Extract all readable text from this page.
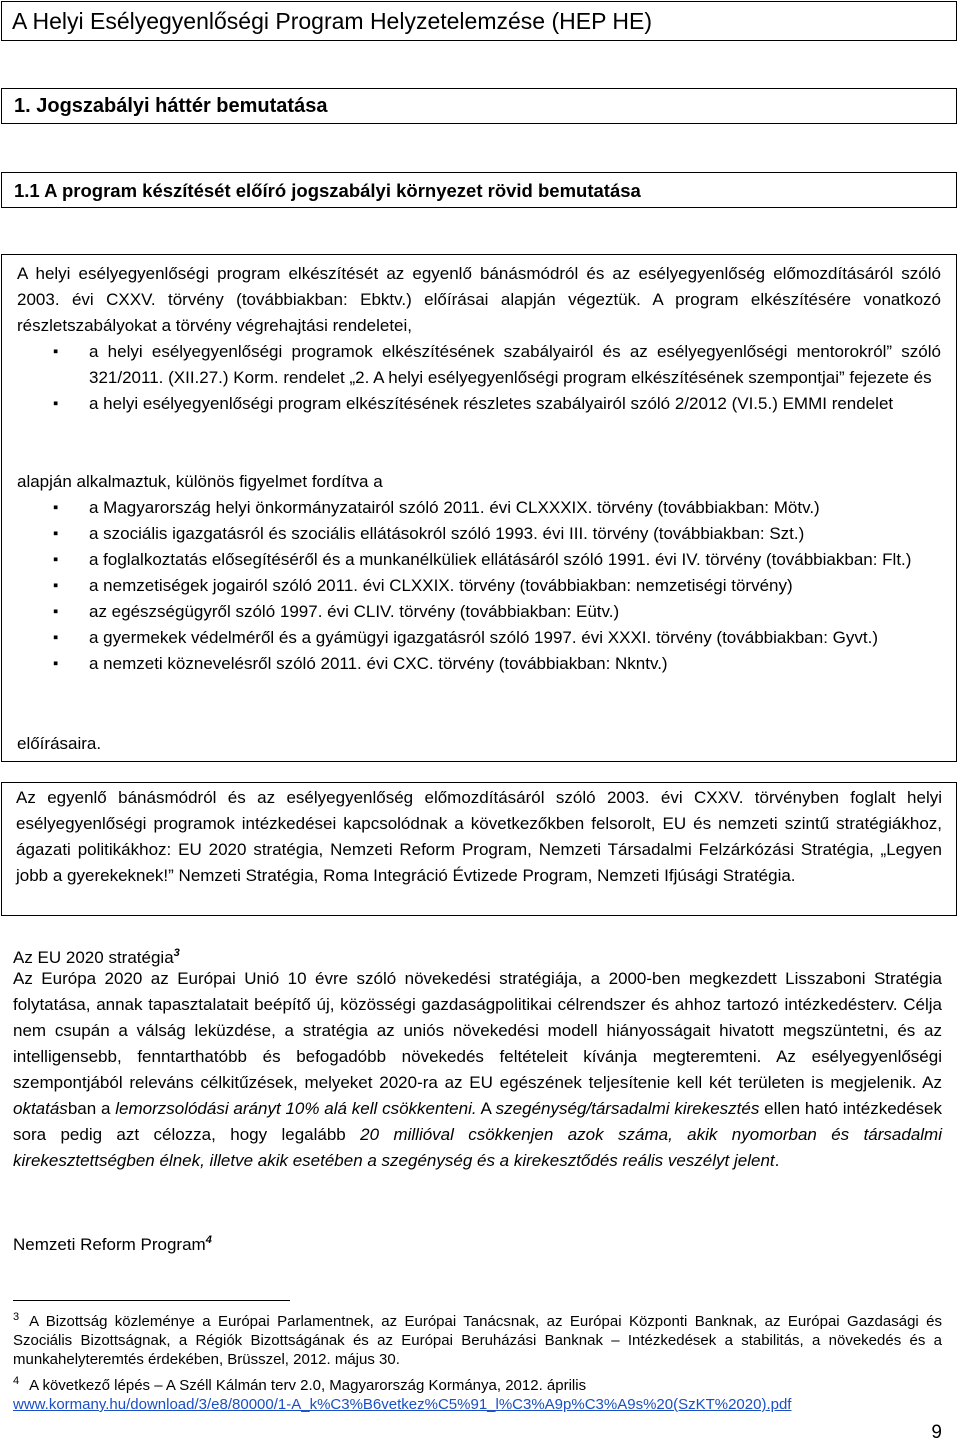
A Helyi Esélyegyenlőségi Program Helyzetelemzése (HEP HE)
1. Jogszabályi háttér bemutatása
1.1 A program készítését előíró jogszabályi környezet rövid bemutatása
A helyi esélyegyenlőségi program elkészítését az egyenlő bánásmódról és az esélyegyenlőség előmozdításáról szóló 2003. évi CXXV. törvény (továbbiakban: Ebktv.) előírásai alapján végeztük. A program elkészítésére vonatkozó részletszabályokat a törvény végrehajtási rendeletei,
▪ a helyi esélyegyenlőségi programok elkészítésének szabályairól és az esélyegyenlőségi mentorokról” szóló 321/2011. (XII.27.) Korm. rendelet „2. A helyi esélyegyenlőségi program elkészítésének szempontjai” fejezete és
▪ a helyi esélyegyenlőségi program elkészítésének részletes szabályairól szóló 2/2012 (VI.5.) EMMI rendelet
alapján alkalmaztuk, különös figyelmet fordítva a
▪ a Magyarország helyi önkormányzatairól szóló 2011. évi CLXXXIX. törvény (továbbiakban: Mötv.)
▪ a szociális igazgatásról és szociális ellátásokról szóló 1993. évi III. törvény (továbbiakban: Szt.)
▪ a foglalkoztatás elősegítéséről és a munkanélküliek ellátásáról szóló 1991. évi IV. törvény (továbbiakban: Flt.)
▪ a nemzetiségek jogairól szóló 2011. évi CLXXIX. törvény (továbbiakban: nemzetiségi törvény)
▪ az egészségügyről szóló 1997. évi CLIV. törvény (továbbiakban: Eütv.)
▪ a gyermekek védelméről és a gyámügyi igazgatásról szóló 1997. évi XXXI. törvény (továbbiakban: Gyvt.)
▪ a nemzeti köznevelésről szóló 2011. évi CXC. törvény (továbbiakban: Nkntv.)
előírásaira.
Az egyenlő bánásmódról és az esélyegyenlőség előmozdításáról szóló 2003. évi CXXV. törvényben foglalt helyi esélyegyenlőségi programok intézkedései kapcsolódnak a következőkben felsorolt, EU és nemzeti szintű stratégiákhoz, ágazati politikákhoz: EU 2020 stratégia, Nemzeti Reform Program, Nemzeti Társadalmi Felzárkózási Stratégia, „Legyen jobb a gyerekeknek!” Nemzeti Stratégia, Roma Integráció Évtizede Program, Nemzeti Ifjúsági Stratégia.
Az EU 2020 stratégia$^3$
Az Európa 2020 az Európai Unió 10 évre szóló növekedési stratégiája, a 2000-ben megkezdett Lisszaboni Stratégia folytatása, annak tapasztalatait beépítő új, közösségi gazdaságpolitikai célrendszer és ahhoz tartozó intézkedésterv. Célja nem csupán a válság leküzdése, a stratégia az uniós növekedési modell hiányosságait hivatott megszüntetni, és az intelligensebb, fenntarthatóbb és befogadóbb növekedés feltételeit kívánja megteremteni. Az esélyegyenlőségi szempontjából releváns célkitűzések, melyeket 2020-ra az EU egészének teljesítenie kell két területen is megjelenik. Az oktatásban a lemorzsolódási arányt 10% alá kell csökkenteni. A szegénység/társadalmi kirekesztés ellen ható intézkedések sora pedig azt célozza, hogy legalább 20 millióval csökkenjen azok száma, akik nyomorban és társadalmi kirekesztettségben élnek, illetve akik esetében a szegénység és a kirekesztődés reális veszélyt jelent.
Nemzeti Reform Program$^4$
$^3$ A Bizottság közleménye a Európai Parlamentnek, az Európai Tanácsnak, az Európai Központi Banknak, az Európai Gazdasági és Szociális Bizottságnak, a Régiók Bizottságának és az Európai Beruházási Banknak – Intézkedések a stabilitás, a növekedés és a munkahelyteremtés érdekében, Brüsszel, 2012. május 30.
$^4$ A következő lépés – A Széll Kálmán terv 2.0, Magyarország Kormánya, 2012. április
www.kormany.hu/download/3/e8/80000/1-A_k%C3%B6vetkez%C5%91_l%C3%A9p%C3%A9s%20(SzKT%2020).pdf
9
